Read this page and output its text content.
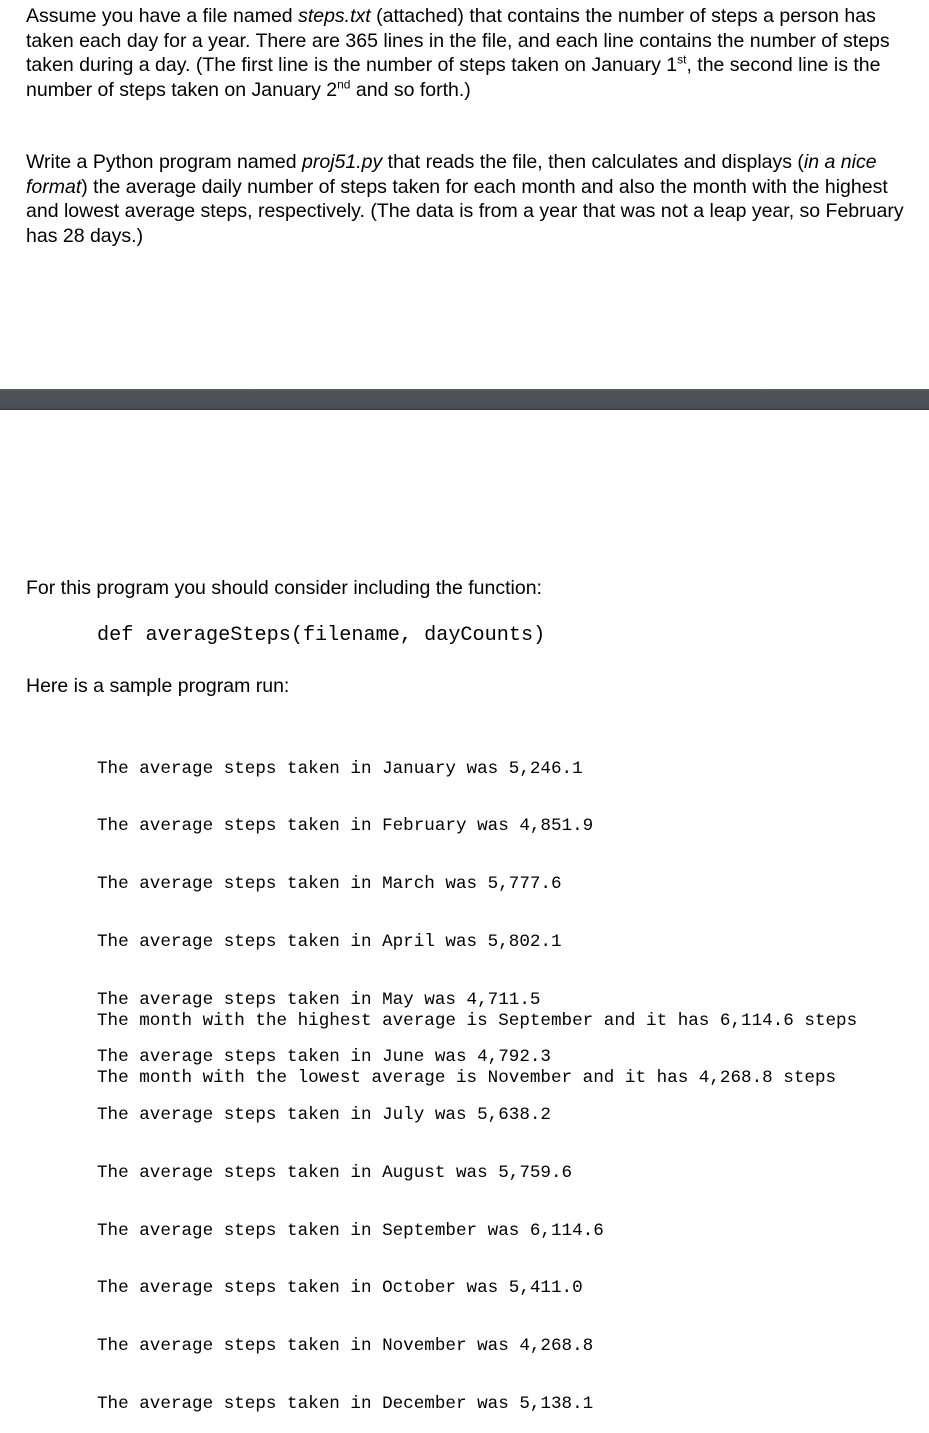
Assume you have a file named steps.txt (attached) that contains the number of steps a person has taken each day for a year. There are 365 lines in the file, and each line contains the number of steps taken during a day. (The first line is the number of steps taken on January 1st, the second line is the number of steps taken on January 2nd and so forth.)

Write a Python program named proj51.py that reads the file, then calculates and displays (in a nice format) the average daily number of steps taken for each month and also the month with the highest and lowest average steps, respectively. (The data is from a year that was not a leap year, so February has 28 days.)

For this program you should consider including the function:

def averageSteps(filename, dayCounts)

Here is a sample program run:

The average steps taken in January was 5,246.1

The average steps taken in February was 4,851.9

The average steps taken in March was 5,777.6

The average steps taken in April was 5,802.1

The average steps taken in May was 4,711.5

The average steps taken in June was 4,792.3

The average steps taken in July was 5,638.2

The average steps taken in August was 5,759.6

The average steps taken in September was 6,114.6

The average steps taken in October was 5,411.0

The average steps taken in November was 4,268.8

The average steps taken in December was 5,138.1

The month with the highest average is September and it has 6,114.6 steps

The month with the lowest average is November and it has 4,268.8 steps
